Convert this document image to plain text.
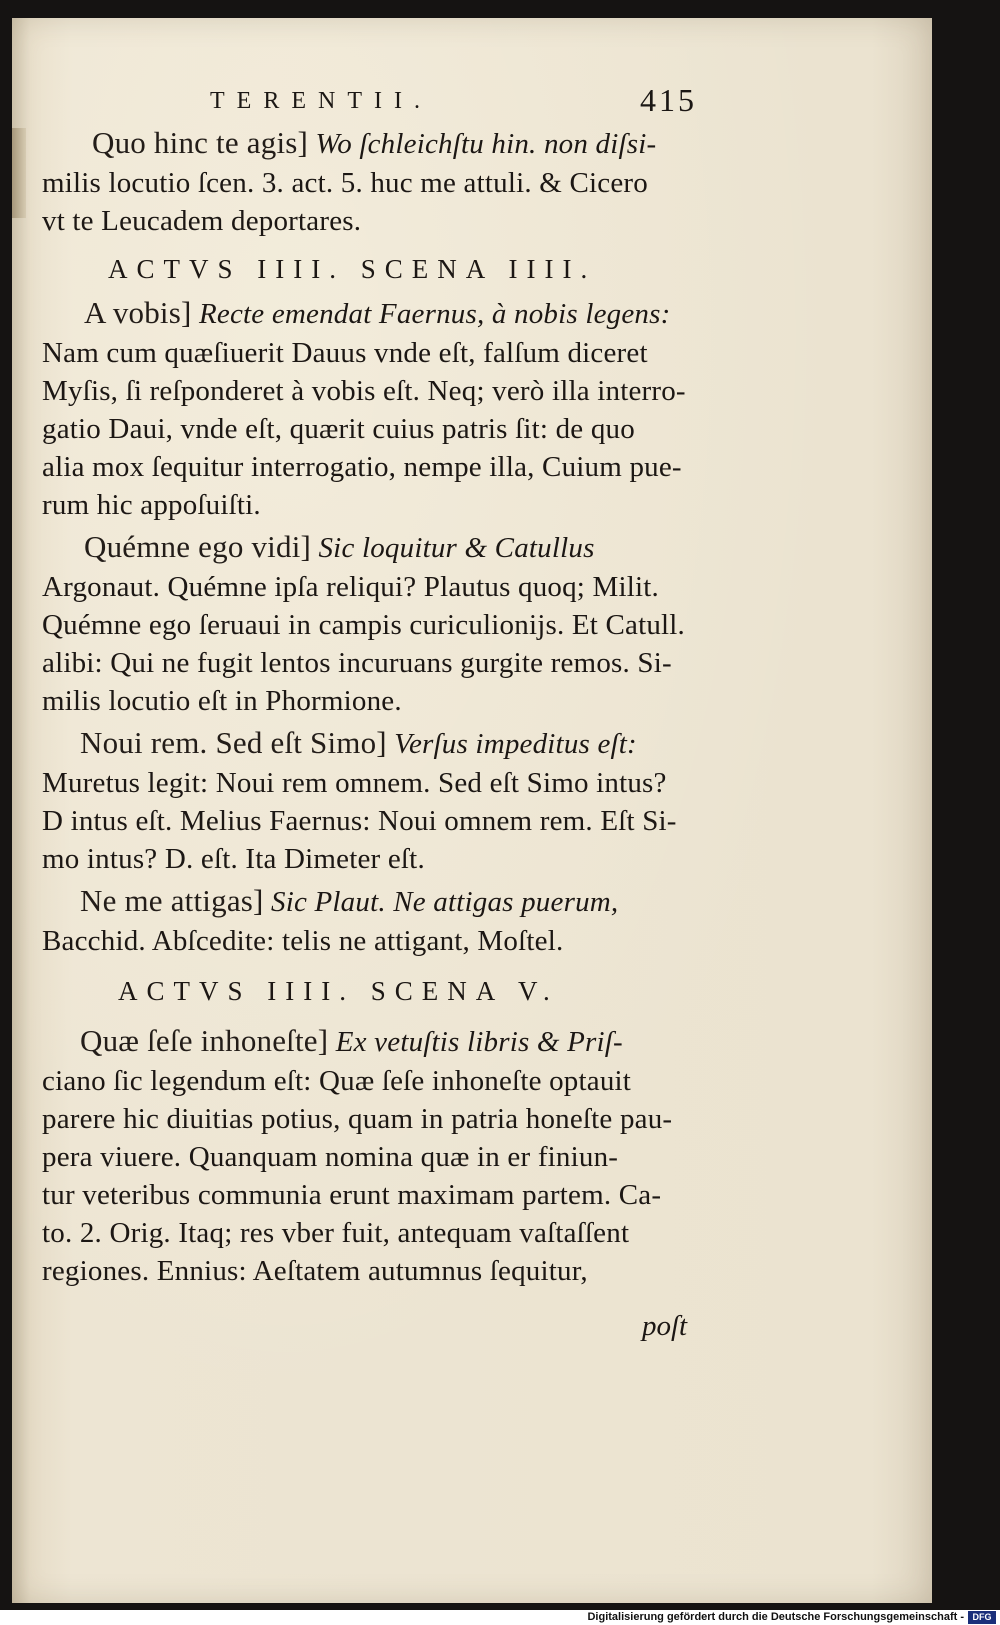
TERENTII.	415
Quo hinc te agis] Wo ſchleichſtu hin. non diſsi-
milis locutio ſcen. 3. act. 5. huc me attuli. & Cicero
vt te Leucadem deportares.
ACTVS IIII. SCENA IIII.
A vobis] Recte emendat Faernus, à nobis legens:
Nam cum quæſiuerit Dauus vnde eſt, falſum diceret
Myſis, ſi reſponderet à vobis eſt. Neq; verò illa interro-
gatio Daui, vnde eſt, quærit cuius patris ſit: de quo
alia mox ſequitur interrogatio, nempe illa, Cuium pue-
rum hic appoſuiſti.
Quémne ego vidi] Sic loquitur & Catullus
Argonaut. Quémne ipſa reliqui? Plautus quoq; Milit.
Quémne ego ſeruaui in campis curiculionijs. Et Catull.
alibi: Qui ne fugit lentos incuruans gurgite remos. Si-
milis locutio eſt in Phormione.
Noui rem. Sed eſt Simo] Verſus impeditus eſt:
Muretus legit: Noui rem omnem. Sed eſt Simo intus?
D intus eſt. Melius Faernus: Noui omnem rem. Eſt Si-
mo intus? D. eſt. Ita Dimeter eſt.
Ne me attigas] Sic Plaut. Ne attigas puerum,
Bacchid. Abſcedite: telis ne attigant, Moſtel.
ACTVS IIII. SCENA V.
Quæ ſeſe inhoneſte] Ex vetuſtis libris & Priſ-
ciano ſic legendum eſt: Quæ ſeſe inhoneſte optauit
parere hic diuitias potius, quam in patria honeſte pau-
pera viuere. Quanquam nomina quæ in er finiun-
tur veteribus communia erunt maximam partem. Ca-
to. 2. Orig. Itaq; res vber fuit, antequam vaſtaſſent
regiones. Ennius: Aeſtatem autumnus ſequitur,
poſt
Digitalisierung gefördert durch die Deutsche Forschungsgemeinschaft - DFG
